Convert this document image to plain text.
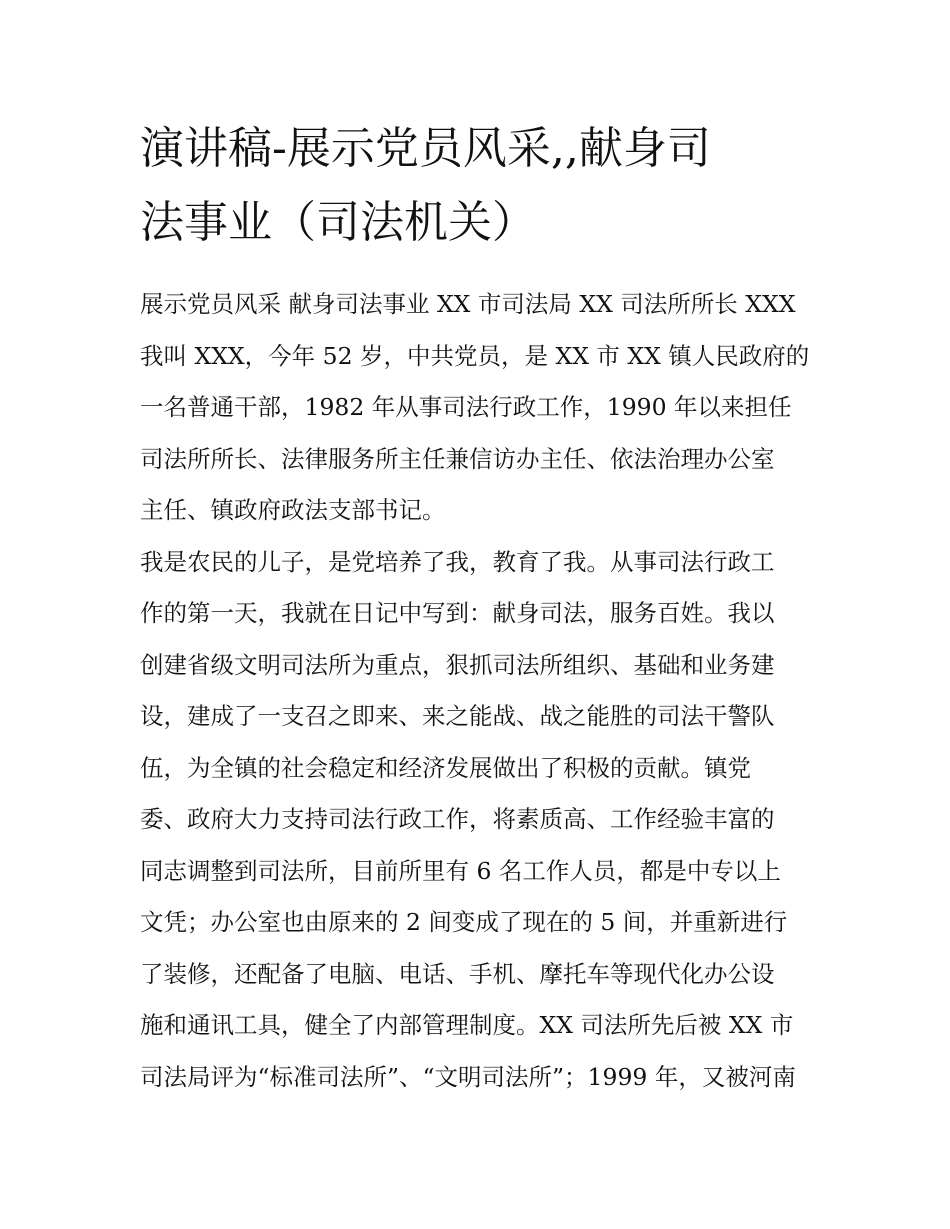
演讲稿-展示党员风采,,献身司
法事业（司法机关）
展示党员风采 献身司法事业 XX 市司法局 XX 司法所所长 XXX
我叫 XXX，今年 52 岁，中共党员，是 XX 市 XX 镇人民政府的
一名普通干部，1982 年从事司法行政工作，1990 年以来担任
司法所所长、法律服务所主任兼信访办主任、依法治理办公室
主任、镇政府政法支部书记。
我是农民的儿子，是党培养了我，教育了我。从事司法行政工
作的第一天，我就在日记中写到：献身司法，服务百姓。我以
创建省级文明司法所为重点，狠抓司法所组织、基础和业务建
设，建成了一支召之即来、来之能战、战之能胜的司法干警队
伍，为全镇的社会稳定和经济发展做出了积极的贡献。镇党
委、政府大力支持司法行政工作，将素质高、工作经验丰富的
同志调整到司法所，目前所里有 6 名工作人员，都是中专以上
文凭；办公室也由原来的 2 间变成了现在的 5 间，并重新进行
了装修，还配备了电脑、电话、手机、摩托车等现代化办公设
施和通讯工具，健全了内部管理制度。XX 司法所先后被 XX 市
司法局评为“标准司法所”、“文明司法所”；1999 年，又被河南
